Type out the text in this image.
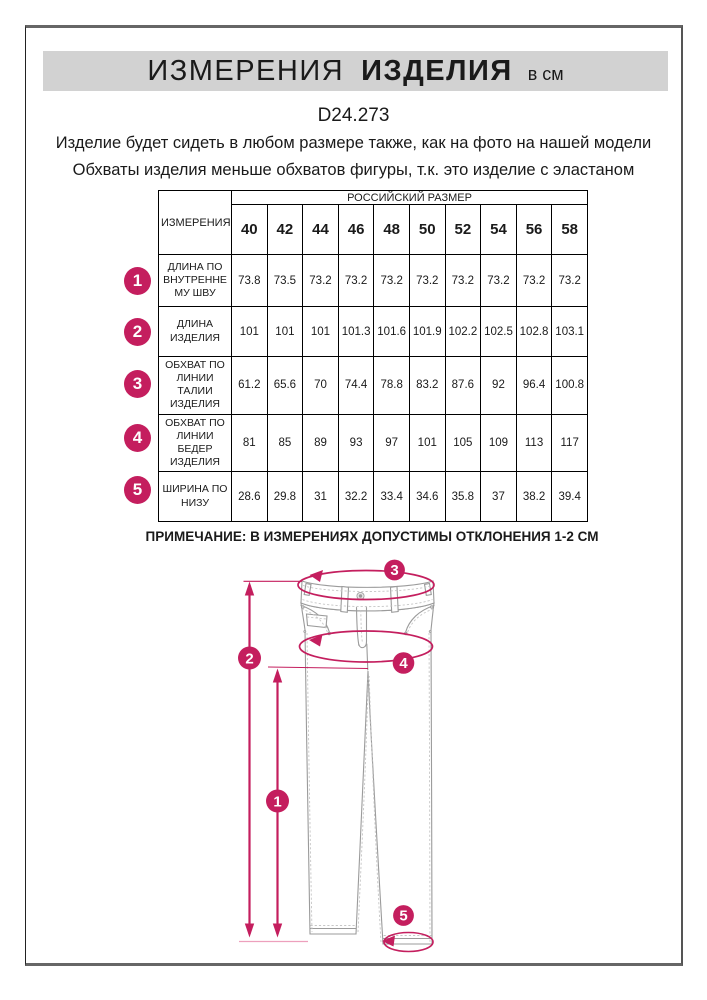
ИЗМЕРЕНИЯ ИЗДЕЛИЯ в см
D24.273
Изделие будет сидеть в любом размере также, как на фото на нашей модели
Обхваты изделия меньше обхватов фигуры, т.к. это изделие с эластаном
ИЗМЕРЕНИЯ	РОССИЙСКИЙ РАЗМЕР									
	40	42	44	46	48	50	52	54	56	58
ДЛИНА ПО ВНУТРЕННЕ МУ ШВУ	73.8	73.5	73.2	73.2	73.2	73.2	73.2	73.2	73.2	73.2
ДЛИНА ИЗДЕЛИЯ	101	101	101	101.3	101.6	101.9	102.2	102.5	102.8	103.1
ОБХВАТ ПО ЛИНИИ ТАЛИИ ИЗДЕЛИЯ	61.2	65.6	70	74.4	78.8	83.2	87.6	92	96.4	100.8
ОБХВАТ ПО ЛИНИИ БЕДЕР ИЗДЕЛИЯ	81	85	89	93	97	101	105	109	113	117
ШИРИНА ПО НИЗУ	28.6	29.8	31	32.2	33.4	34.6	35.8	37	38.2	39.4
1
2
3
4
5
ПРИМЕЧАНИЕ: В ИЗМЕРЕНИЯХ ДОПУСТИМЫ ОТКЛОНЕНИЯ 1-2 СМ
2
1
3
4
5
